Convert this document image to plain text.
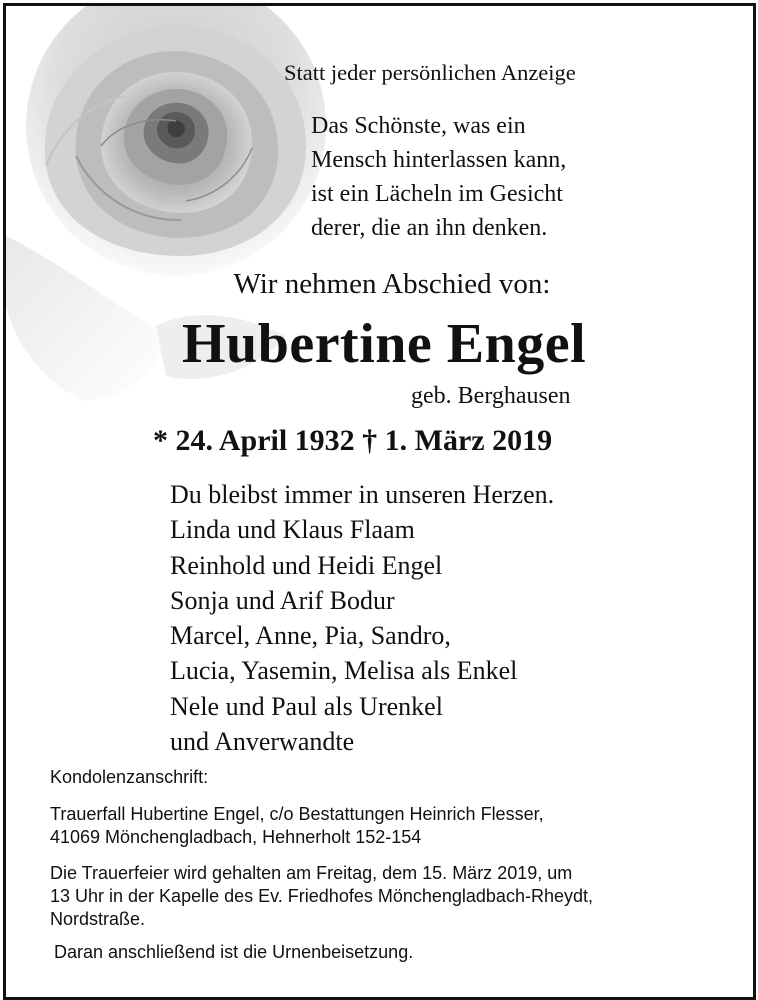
Statt jeder persönlichen Anzeige
Das Schönste, was ein
Mensch hinterlassen kann,
ist ein Lächeln im Gesicht
derer, die an ihn denken.
Wir nehmen Abschied von:
Hubertine Engel
geb. Berghausen
* 24. April 1932 † 1. März 2019
Du bleibst immer in unseren Herzen.
Linda und Klaus Flaam
Reinhold und Heidi Engel
Sonja und Arif Bodur
Marcel, Anne, Pia, Sandro,
Lucia, Yasemin, Melisa als Enkel
Nele und Paul als Urenkel
und Anverwandte
Kondolenzanschrift:
Trauerfall Hubertine Engel, c/o Bestattungen Heinrich Flesser,
41069 Mönchengladbach, Hehnerholt 152-154
Die Trauerfeier wird gehalten am Freitag, dem 15. März 2019, um
13 Uhr in der Kapelle des Ev. Friedhofes Mönchengladbach-Rheydt,
Nordstraße.
Daran anschließend ist die Urnenbeisetzung.
